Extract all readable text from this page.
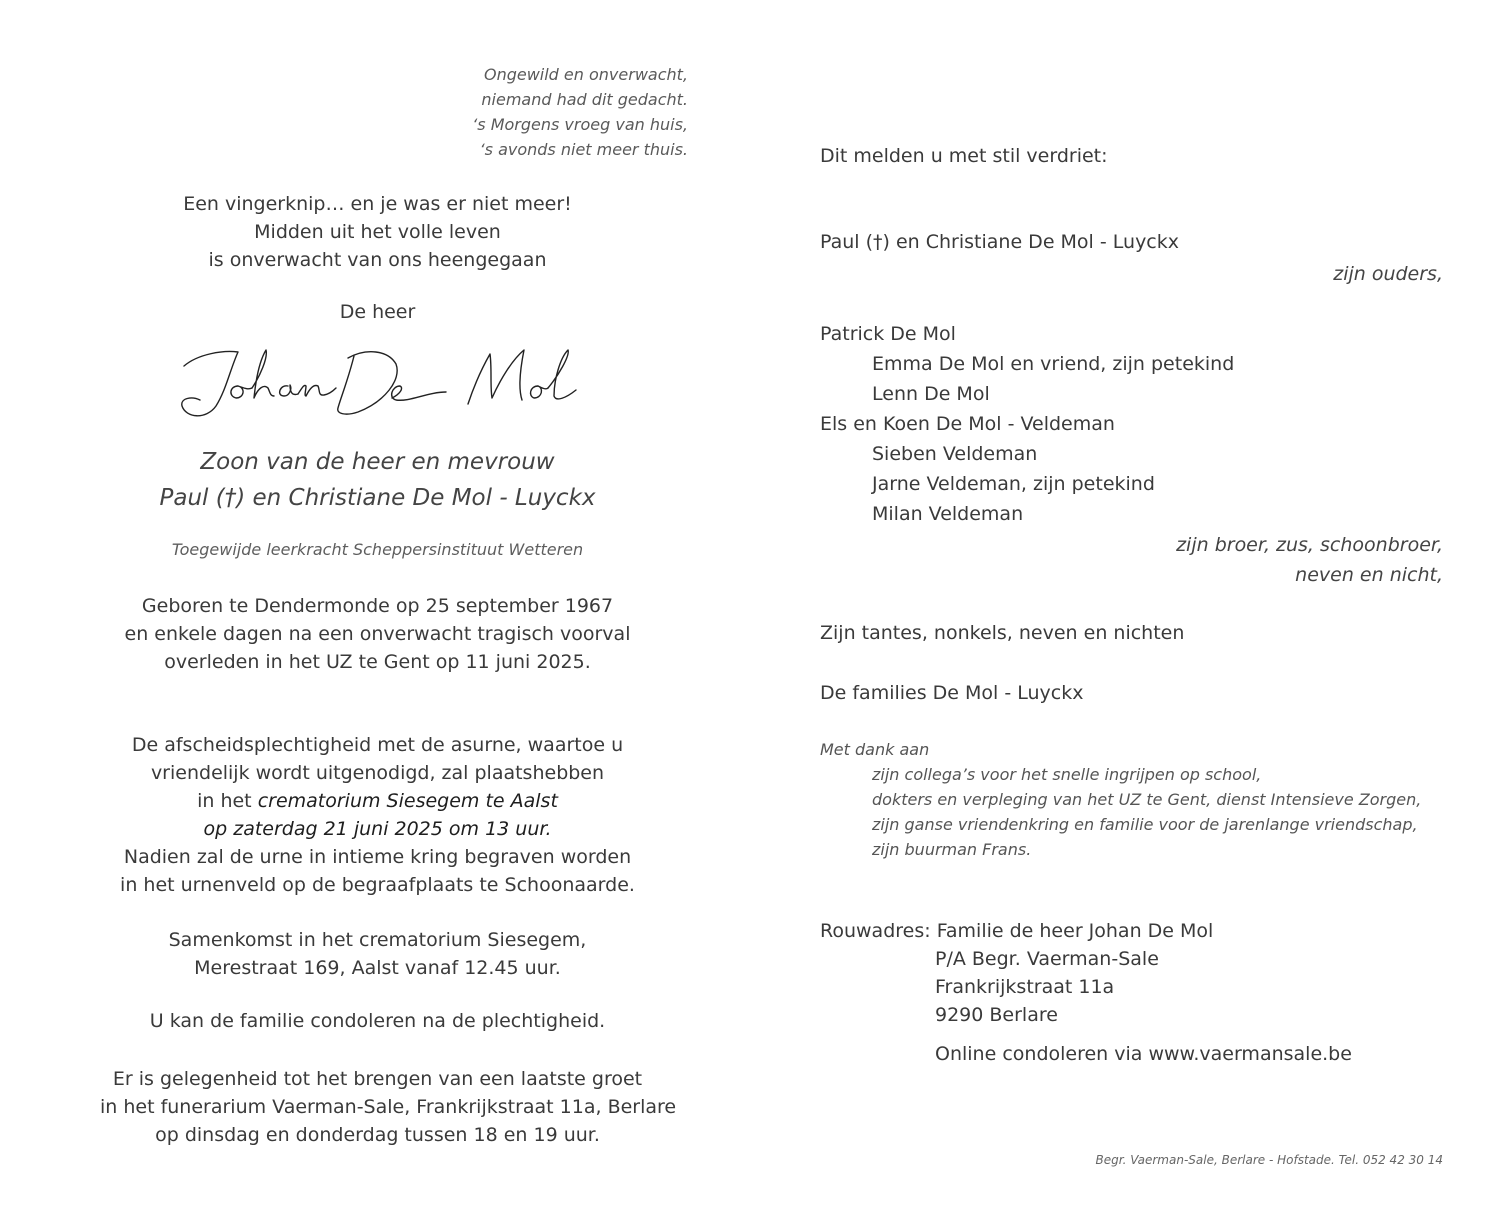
Ongewild en onverwacht,
niemand had dit gedacht.
‘s Morgens vroeg van huis,
‘s avonds niet meer thuis.
Een vingerknip… en je was er niet meer!
Midden uit het volle leven
is onverwacht van ons heengegaan
De heer
Zoon van de heer en mevrouw
Paul (†) en Christiane De Mol - Luyckx
Toegewijde leerkracht Scheppersinstituut Wetteren
Geboren te Dendermonde op 25 september 1967
en enkele dagen na een onverwacht tragisch voorval
overleden in het UZ te Gent op 11 juni 2025.
De afscheidsplechtigheid met de asurne, waartoe u
vriendelijk wordt uitgenodigd, zal plaatshebben
in het crematorium Siesegem te Aalst
op zaterdag 21 juni 2025 om 13 uur.
Nadien zal de urne in intieme kring begraven worden
in het urnenveld op de begraafplaats te Schoonaarde.
Samenkomst in het crematorium Siesegem,
Merestraat 169, Aalst vanaf 12.45 uur.
U kan de familie condoleren na de plechtigheid.
Er is gelegenheid tot het brengen van een laatste groet
in het funerarium Vaerman-Sale, Frankrijkstraat 11a, Berlare
op dinsdag en donderdag tussen 18 en 19 uur.
Dit melden u met stil verdriet:
Paul (†) en Christiane De Mol - Luyckx
zijn ouders,
Patrick De Mol
Emma De Mol en vriend, zijn petekind
Lenn De Mol
Els en Koen De Mol - Veldeman
Sieben Veldeman
Jarne Veldeman, zijn petekind
Milan Veldeman
zijn broer, zus, schoonbroer,
neven en nicht,
Zijn tantes, nonkels, neven en nichten
De families De Mol - Luyckx
Met dank aan
zijn collega’s voor het snelle ingrijpen op school,
dokters en verpleging van het UZ te Gent, dienst Intensieve Zorgen,
zijn ganse vriendenkring en familie voor de jarenlange vriendschap,
zijn buurman Frans.
Rouwadres: Familie de heer Johan De Mol
P/A Begr. Vaerman-Sale
Frankrijkstraat 11a
9290 Berlare
Online condoleren via www.vaermansale.be
Begr. Vaerman-Sale, Berlare - Hofstade. Tel. 052 42 30 14
